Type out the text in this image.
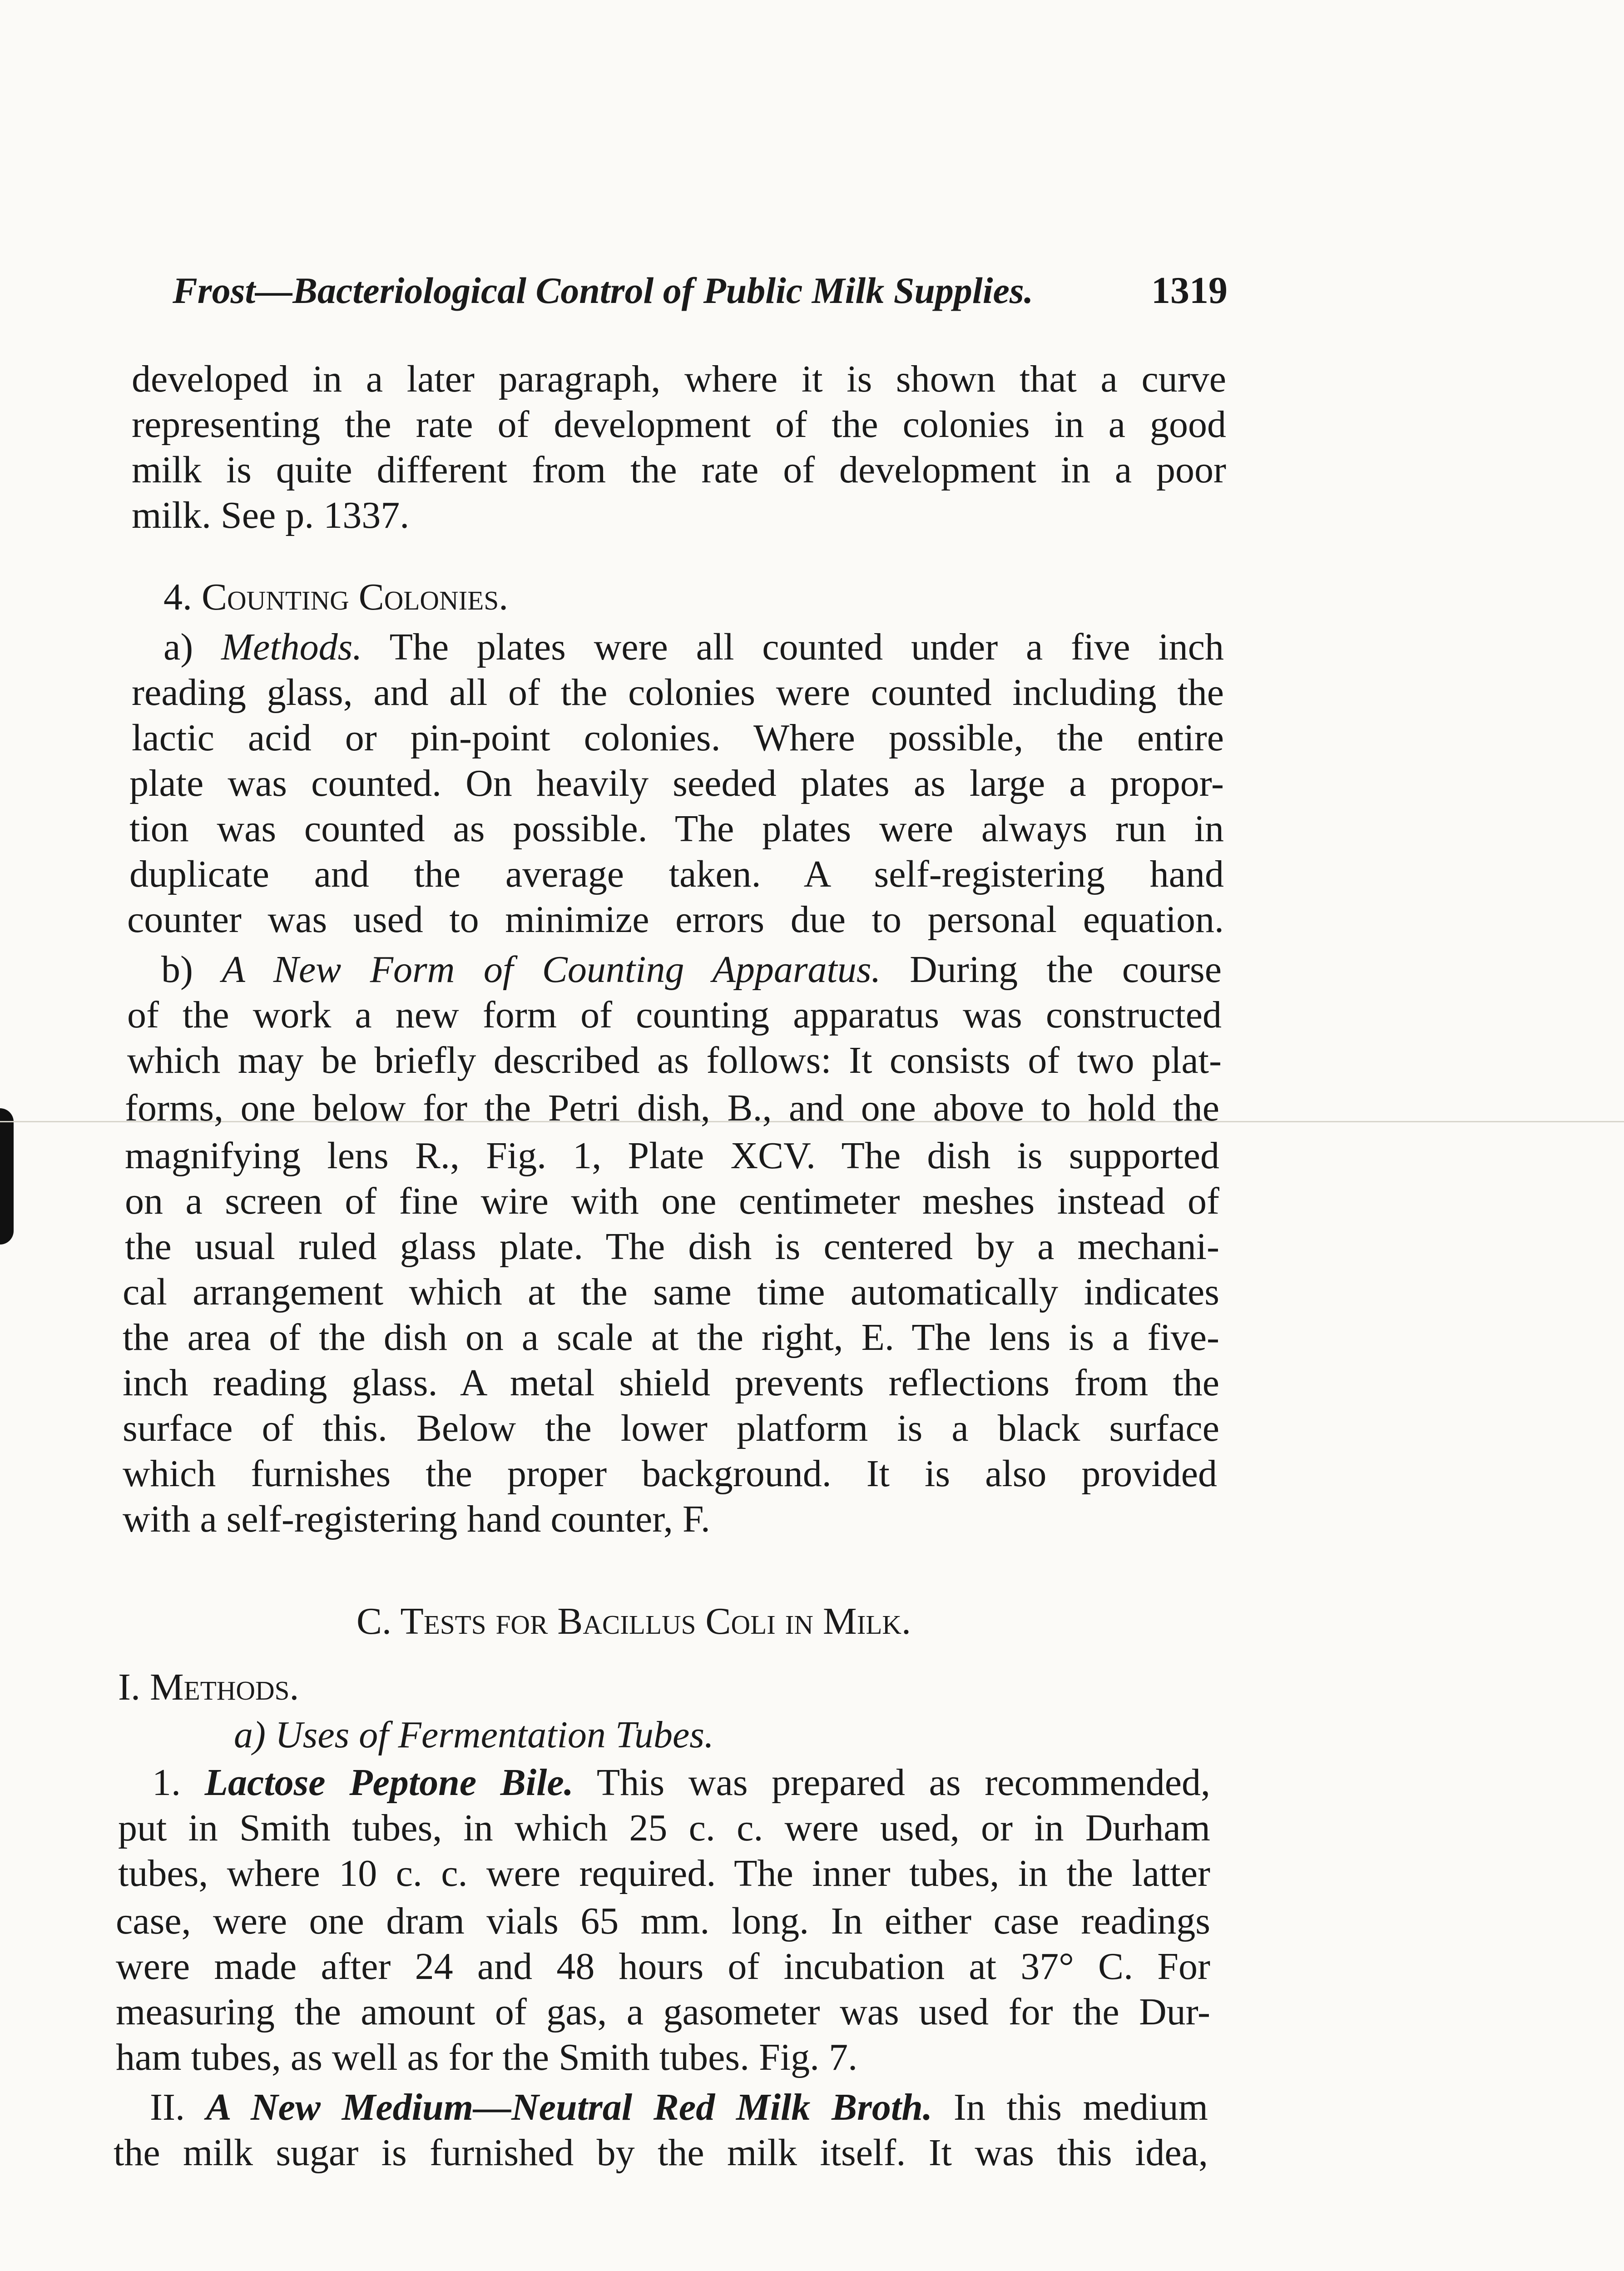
Frost—Bacteriological Control of Public Milk Supplies.	1319
developed in a later paragraph, where it is shown that a curve
representing the rate of development of the colonies in a good
milk is quite different from the rate of development in a poor
milk. See p. 1337.
4. Counting Colonies.
a) Methods. The plates were all counted under a five inch
reading glass, and all of the colonies were counted including the
lactic acid or pin-point colonies. Where possible, the entire
plate was counted. On heavily seeded plates as large a propor-
tion was counted as possible. The plates were always run in
duplicate and the average taken. A self-registering hand
counter was used to minimize errors due to personal equation.
b) A New Form of Counting Apparatus. During the course
of the work a new form of counting apparatus was constructed
which may be briefly described as follows: It consists of two plat-
forms, one below for the Petri dish, B., and one above to hold the
magnifying lens R., Fig. 1, Plate XCV. The dish is supported
on a screen of fine wire with one centimeter meshes instead of
the usual ruled glass plate. The dish is centered by a mechani-
cal arrangement which at the same time automatically indicates
the area of the dish on a scale at the right, E. The lens is a five-
inch reading glass. A metal shield prevents reflections from the
surface of this. Below the lower platform is a black surface
which furnishes the proper background. It is also provided
with a self-registering hand counter, F.
C. Tests for Bacillus Coli in Milk.
I. Methods.
a) Uses of Fermentation Tubes.
1. Lactose Peptone Bile. This was prepared as recommended,
put in Smith tubes, in which 25 c. c. were used, or in Durham
tubes, where 10 c. c. were required. The inner tubes, in the latter
case, were one dram vials 65 mm. long. In either case readings
were made after 24 and 48 hours of incubation at 37° C. For
measuring the amount of gas, a gasometer was used for the Dur-
ham tubes, as well as for the Smith tubes. Fig. 7.
II. A New Medium—Neutral Red Milk Broth. In this medium
the milk sugar is furnished by the milk itself. It was this idea,
